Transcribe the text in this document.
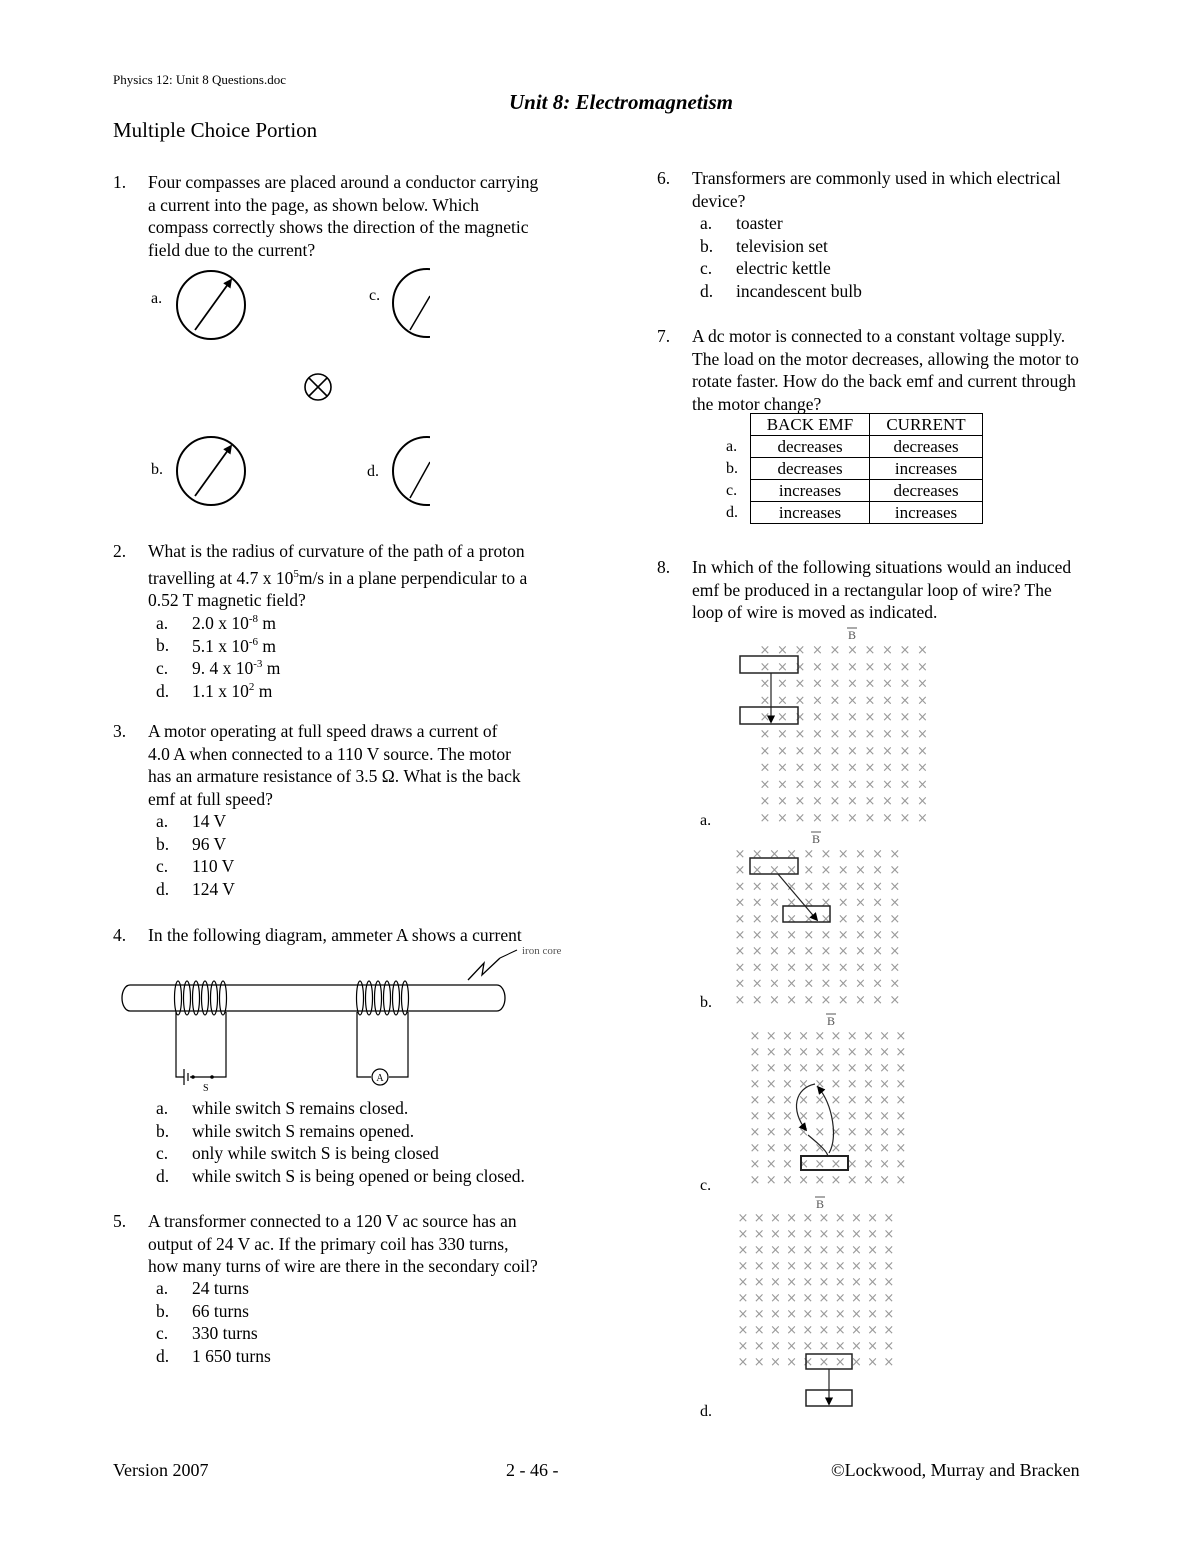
Physics 12: Unit 8 Questions.doc
Unit 8: Electromagnetism
Multiple Choice Portion
1. Four compasses are placed around a conductor carrying
a current into the page, as shown below. Which
compass correctly shows the direction of the magnetic
field due to the current?
a.
b.
c.
d.
iron core
S
A
× × × × × × × × × ×
× × × × × × × × × ×
× × × × × × × × × ×
× × × × × × × × × ×
× × × × × × × × × ×
× × × × × × × × × ×
× × × × × × × × × ×
× × × × × × × × × ×
× × × × × × × × × ×
× × × × × × × × × ×
× × × × × × × × × ×
× × × × × × × × × ×
× × × × × × × × × ×
× × × × × × × × × ×
× × × × × × × × × ×
× × × × × × × × × ×
× × × × × × × × × ×
× × × × × × × × × ×
× × × × × × × × × ×
× × × × × × × × × ×
× × × × × × × × × ×
× × × × × × × × × ×
× × × × × × × × × ×
× × × × × × × × × ×
× × × × × × × × × ×
× × × × × × × × × ×
× × × × × × × × × ×
× × × × × × × × × ×
× × × × × × × × × ×
× × × × × × × × × ×
× × × × × × × × × ×
× × × × × × × × × ×
× × × × × × × × × ×
× × × × × × × × × ×
× × × × × × × × × ×
× × × × × × × × × ×
× × × × × × × × × ×
× × × × × × × × × ×
× × × × × × × × × ×
× × × × × × × × × ×
× × × × × × × × × ×
B
B
B
B
2. What is the radius of curvature of the path of a proton
travelling at 4.7 x $10^5m/s$ in a plane perpendicular to a
0.52 T magnetic field?
a. 2.0 x $10^{-8}$ m
b. 5.1 x $10^{-6}$ m
c. 9. 4 x $10^{-3}$ m
d. 1.1 x $10^2$ m
3. A motor operating at full speed draws a current of
4.0 A when connected to a 110 V source. The motor
has an armature resistance of 3.5 Ω. What is the back
emf at full speed?
a. 14 V
b. 96 V
c. 110 V
d. 124 V
4. In the following diagram, ammeter A shows a current
a. while switch S remains closed.
b. while switch S remains opened.
c. only while switch S is being closed
d. while switch S is being opened or being closed.
5. A transformer connected to a 120 V ac source has an
output of 24 V ac. If the primary coil has 330 turns,
how many turns of wire are there in the secondary coil?
a. 24 turns
b. 66 turns
c. 330 turns
d. 1 650 turns
6. Transformers are commonly used in which electrical
device?
a. toaster
b. television set
c. electric kettle
d. incandescent bulb
7. A dc motor is connected to a constant voltage supply.
The load on the motor decreases, allowing the motor to
rotate faster. How do the back emf and current through
the motor change?
	BACK EMF	CURRENT
a.	decreases	decreases
b.	decreases	increases
c.	increases	decreases
d.	increases	increases
8. In which of the following situations would an induced
emf be produced in a rectangular loop of wire? The
loop of wire is moved as indicated.
a.
b.
c.
d.
Version 2007	2 - 46 -	©Lockwood, Murray and Bracken
